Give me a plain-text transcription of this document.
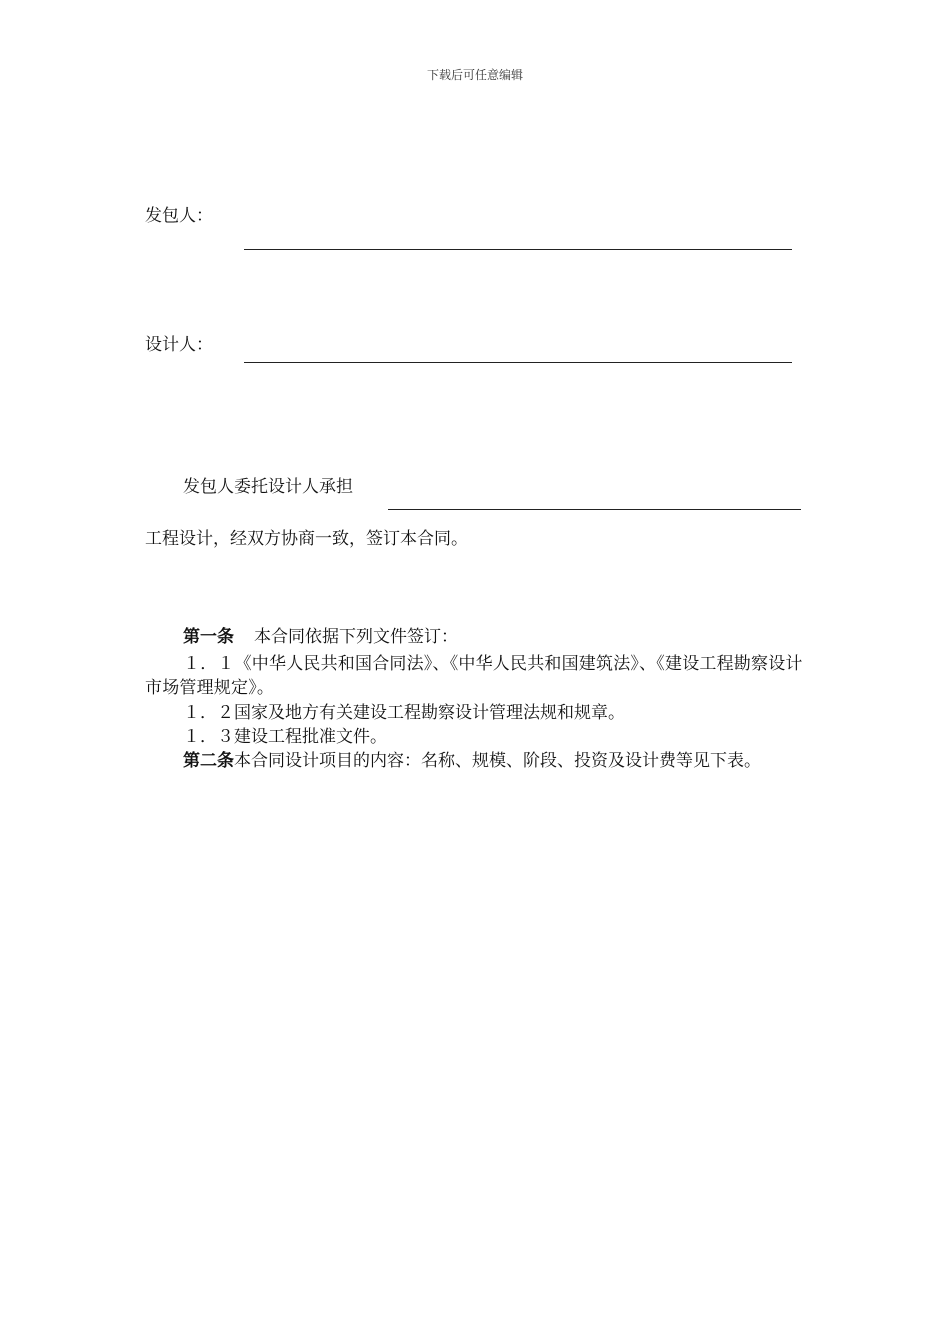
下载后可任意编辑
发包人：
设计人：
发包人委托设计人承担
工程设计，经双方协商一致，签订本合同。
第一条 本合同依据下列文件签订：
１．１《中华人民共和国合同法》、《中华人民共和国建筑法》、《建设工程勘察设计市场管理规定》。
１．２国家及地方有关建设工程勘察设计管理法规和规章。
１．３建设工程批准文件。
第二条本合同设计项目的内容：名称、规模、阶段、投资及设计费等见下表。
